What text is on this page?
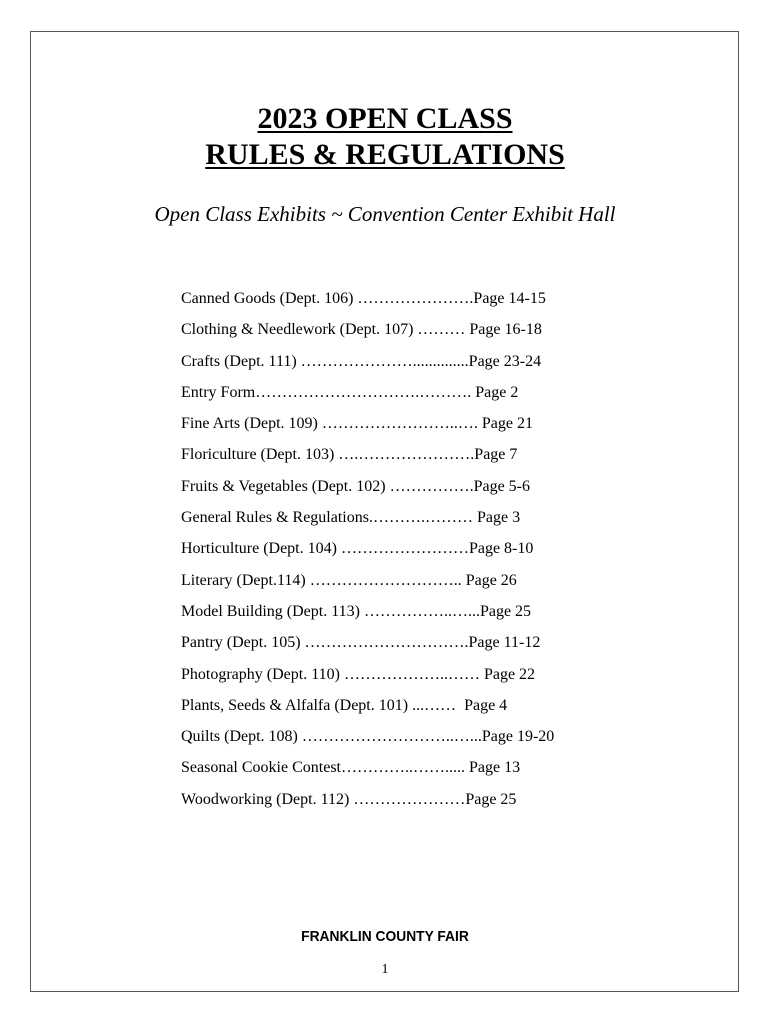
2023 OPEN CLASS
RULES & REGULATIONS
Open Class Exhibits ~ Convention Center Exhibit Hall
Canned Goods (Dept. 106) ………………….Page 14-15
Clothing & Needlework (Dept. 107) ……… Page 16-18
Crafts (Dept. 111) …………………..............Page 23-24
Entry Form………………………….………. Page 2
Fine Arts (Dept. 109) ……………………..…. Page 21
Floriculture (Dept. 103) ….………………….Page 7
Fruits & Vegetables (Dept. 102) …………….Page 5-6
General Rules & Regulations.……….……… Page 3
Horticulture (Dept. 104) ……………………Page 8-10
Literary (Dept.114) ……………………….. Page 26
Model Building (Dept. 113) ……………..…...Page 25
Pantry (Dept. 105) ………………………….Page 11-12
Photography (Dept. 110) ………………..…… Page 22
Plants, Seeds & Alfalfa (Dept. 101) ...……  Page 4
Quilts (Dept. 108) ………………………..…...Page 19-20
Seasonal Cookie Contest…………..……..... Page 13
Woodworking (Dept. 112) …………………Page 25
FRANKLIN COUNTY FAIR
1
